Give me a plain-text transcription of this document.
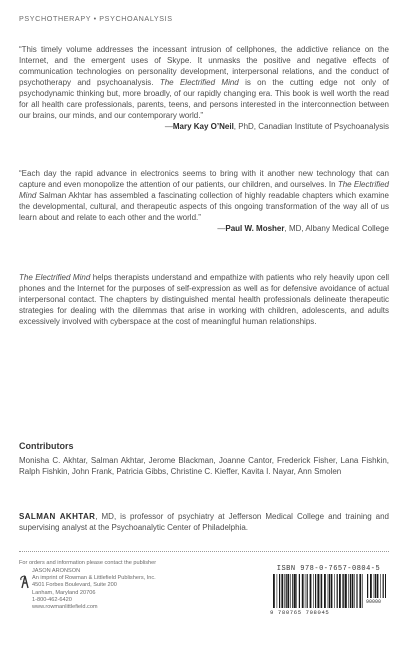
PSYCHOTHERAPY • PSYCHOANALYSIS
“This timely volume addresses the incessant intrusion of cellphones, the addictive reliance on the Internet, and the emergent uses of Skype. It unmasks the positive and negative effects of communication technologies on personality development, interpersonal relations, and the conduct of psychotherapy and psychoanalysis. The Electrified Mind is on the cutting edge not only of psychodynamic thinking but, more broadly, of our rapidly changing era. This book is well worth the read for all health care professionals, parents, teens, and persons interested in the interconnection between our brains, our minds, and our contemporary world.”
—Mary Kay O’Neil, PhD, Canadian Institute of Psychoanalysis
“Each day the rapid advance in electronics seems to bring with it another new technology that can capture and even monopolize the attention of our patients, our children, and ourselves. In The Electrified Mind Salman Akhtar has assembled a fascinating collection of highly readable chapters which examine the developmental, cultural, and therapeutic aspects of this ongoing transformation of the way all of us learn about and relate to each other and the world.”
—Paul W. Mosher, MD, Albany Medical College
The Electrified Mind helps therapists understand and empathize with patients who rely heavily upon cell phones and the Internet for the purposes of self-expression as well as for defensive avoidance of actual interpersonal contact. The chapters by distinguished mental health professionals delineate therapeutic strategies for dealing with the dilemmas that arise in working with children, adolescents, and adults excessively involved with cyberspace at the cost of meaningful human relationships.
Contributors
Monisha C. Akhtar, Salman Akhtar, Jerome Blackman, Joanne Cantor, Frederick Fisher, Lana Fishkin, Ralph Fishkin, John Frank, Patricia Gibbs, Christine C. Kieffer, Kavita I. Nayar, Ann Smolen
SALMAN AKHTAR, MD, is professor of psychiatry at Jefferson Medical College and training and supervising analyst at the Psychoanalytic Center of Philadelphia.
For orders and information please contact the publisher
JASON ARONSON
An imprint of Rowman & Littlefield Publishers, Inc.
4501 Forbes Boulevard, Suite 200
Lanham, Maryland 20706
1-800-462-6420
www.rowmanlittlefield.com
ISBN 978-0-7657-0804-5
9 780765 708045
90000
